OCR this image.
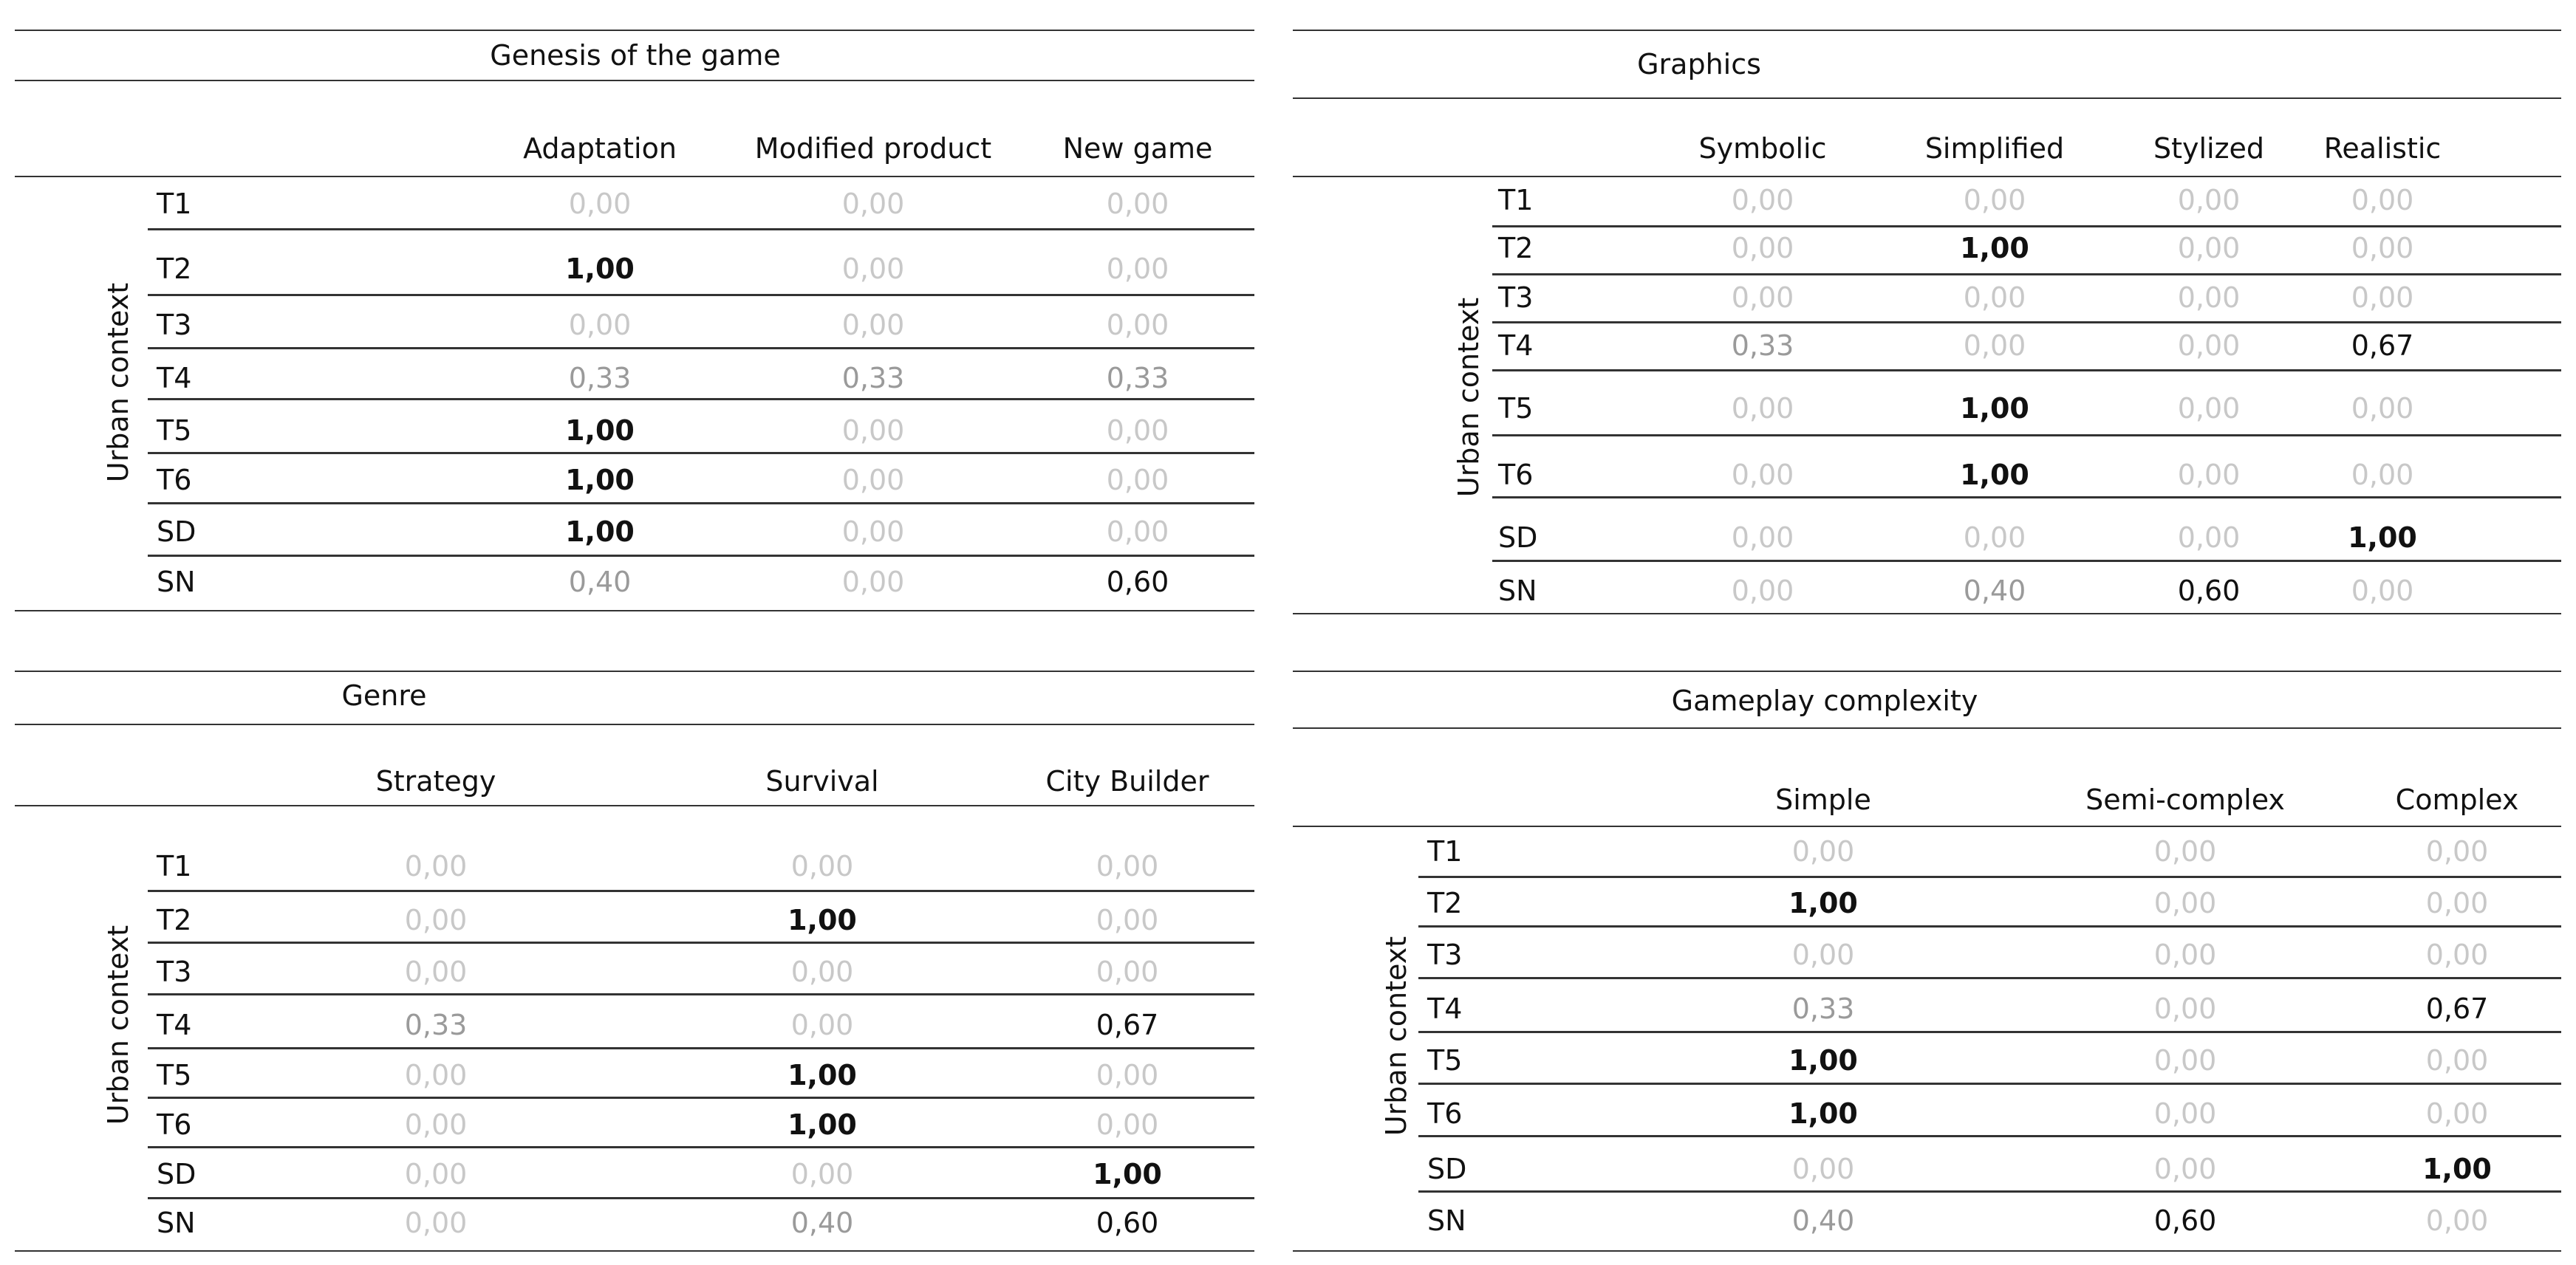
Genesis of the game
Adaptation	Modified product	New game
Urban context
T1	0,00	0,00	0,00
T2	1,00	0,00	0,00
T3	0,00	0,00	0,00
T4	0,33	0,33	0,33
T5	1,00	0,00	0,00
T6	1,00	0,00	0,00
SD	1,00	0,00	0,00
SN	0,40	0,00	0,60
Graphics
Symbolic	Simplified	Stylized	Realistic
Urban context
T1	0,00	0,00	0,00	0,00
T2	0,00	1,00	0,00	0,00
T3	0,00	0,00	0,00	0,00
T4	0,33	0,00	0,00	0,67
T5	0,00	1,00	0,00	0,00
T6	0,00	1,00	0,00	0,00
SD	0,00	0,00	0,00	1,00
SN	0,00	0,40	0,60	0,00
Genre
Strategy	Survival	City Builder
Urban context
T1	0,00	0,00	0,00
T2	0,00	1,00	0,00
T3	0,00	0,00	0,00
T4	0,33	0,00	0,67
T5	0,00	1,00	0,00
T6	0,00	1,00	0,00
SD	0,00	0,00	1,00
SN	0,00	0,40	0,60
Gameplay complexity
Simple	Semi-complex	Complex
Urban context
T1	0,00	0,00	0,00
T2	1,00	0,00	0,00
T3	0,00	0,00	0,00
T4	0,33	0,00	0,67
T5	1,00	0,00	0,00
T6	1,00	0,00	0,00
SD	0,00	0,00	1,00
SN	0,40	0,60	0,00
